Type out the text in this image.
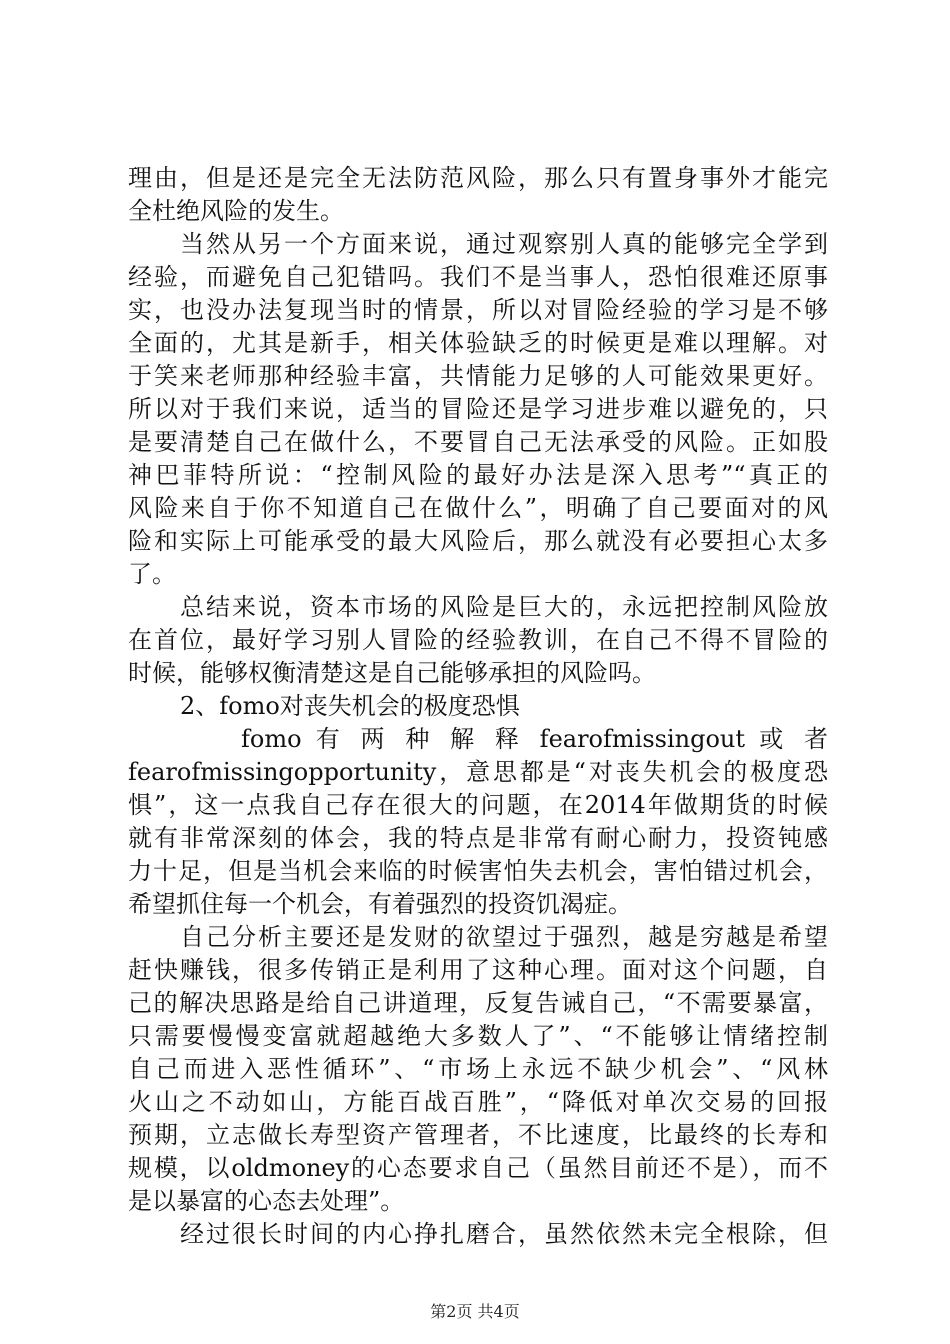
理由，但是还是完全无法防范风险，那么只有置身事外才能完
全杜绝风险的发生。
当然从另一个方面来说，通过观察别人真的能够完全学到
经验，而避免自己犯错吗。我们不是当事人，恐怕很难还原事
实，也没办法复现当时的情景，所以对冒险经验的学习是不够
全面的，尤其是新手，相关体验缺乏的时候更是难以理解。对
于笑来老师那种经验丰富，共情能力足够的人可能效果更好。
所以对于我们来说，适当的冒险还是学习进步难以避免的，只
是要清楚自己在做什么，不要冒自己无法承受的风险。正如股
神巴菲特所说：“控制风险的最好办法是深入思考”“真正的
风险来自于你不知道自己在做什么”，明确了自己要面对的风
险和实际上可能承受的最大风险后，那么就没有必要担心太多
了。
总结来说，资本市场的风险是巨大的，永远把控制风险放
在首位，最好学习别人冒险的经验教训，在自己不得不冒险的
时候，能够权衡清楚这是自己能够承担的风险吗。
2、fomo对丧失机会的极度恐惧
fomo 有 两 种 解 释 fearofmissingout 或 者
fearofmissingopportunity，意思都是“对丧失机会的极度恐
惧”，这一点我自己存在很大的问题，在2014年做期货的时候
就有非常深刻的体会，我的特点是非常有耐心耐力，投资钝感
力十足，但是当机会来临的时候害怕失去机会，害怕错过机会，
希望抓住每一个机会，有着强烈的投资饥渴症。
自己分析主要还是发财的欲望过于强烈，越是穷越是希望
赶快赚钱，很多传销正是利用了这种心理。面对这个问题，自
己的解决思路是给自己讲道理，反复告诫自己，“不需要暴富，
只需要慢慢变富就超越绝大多数人了”、“不能够让情绪控制
自己而进入恶性循环”、“市场上永远不缺少机会”、“风林
火山之不动如山，方能百战百胜”，“降低对单次交易的回报
预期，立志做长寿型资产管理者，不比速度，比最终的长寿和
规模，以oldmoney的心态要求自己（虽然目前还不是），而不
是以暴富的心态去处理”。
经过很长时间的内心挣扎磨合，虽然依然未完全根除，但
第2页 共4页
